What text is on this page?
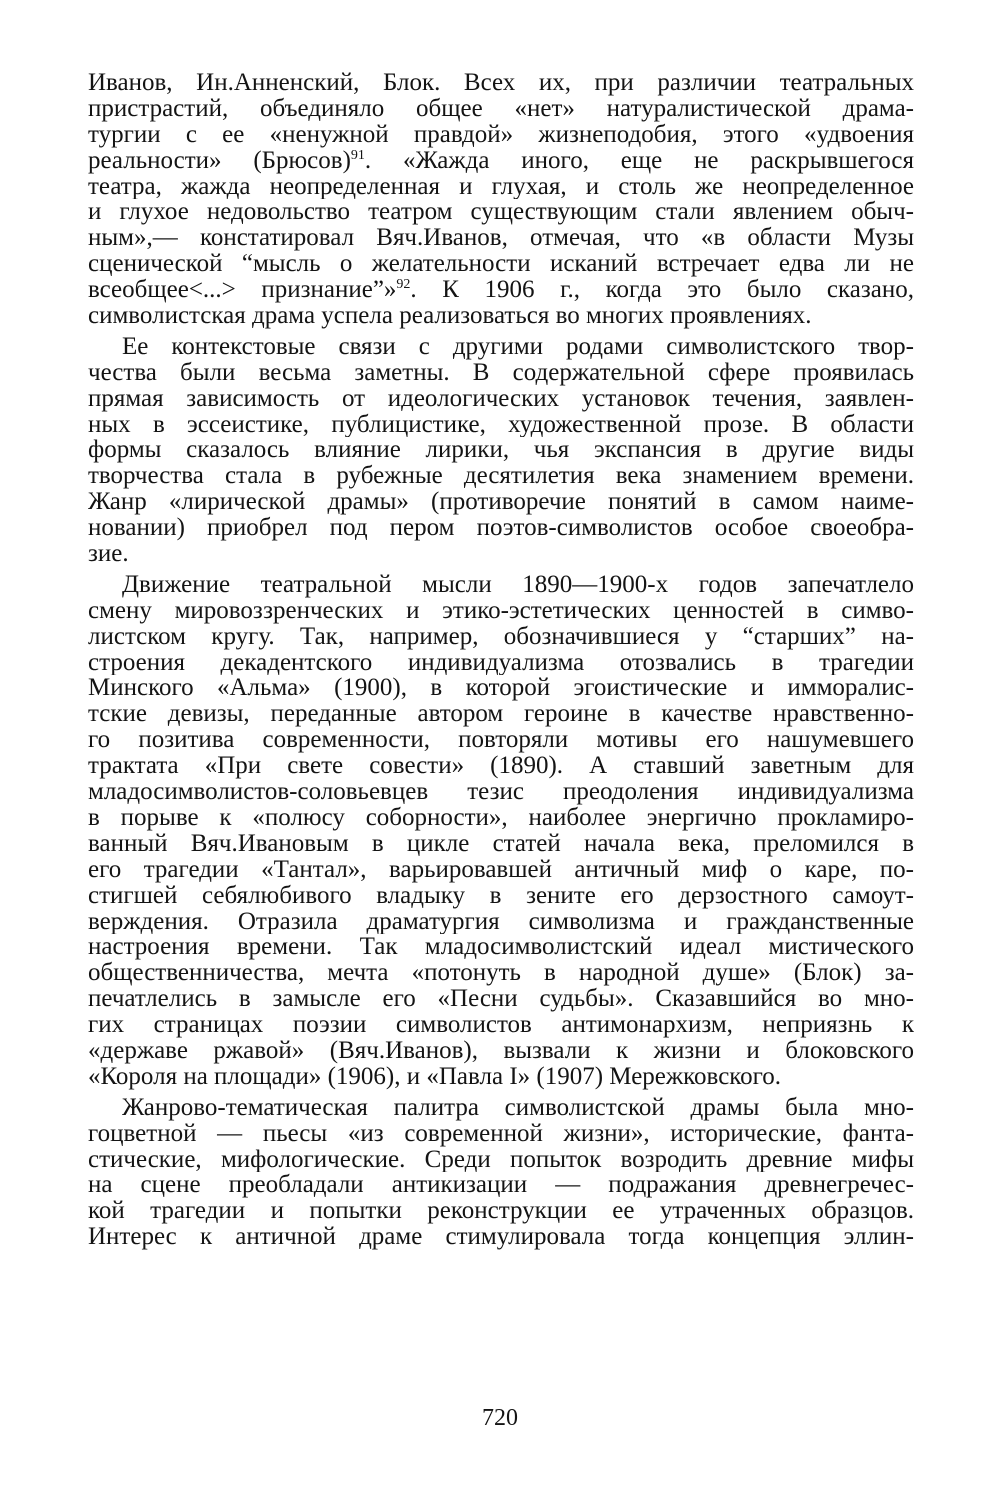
Иванов, Ин.Анненский, Блок. Всех их, при различии театральных
пристрастий, объединяло общее «нет» натуралистической драма-
тургии с ее «ненужной правдой» жизнеподобия, этого «удвоения
реальности» (Брюсов)$^{91}$. «Жажда иного, еще не раскрывшегося
театра, жажда неопределенная и глухая, и столь же неопределенное
и глухое недовольство театром существующим стали явлением обыч-
ным»,— констатировал Вяч.Иванов, отмечая, что «в области Музы
сценической “мысль о желательности исканий встречает едва ли не
всеобщее<...> признание”»$^{92}$. К 1906 г., когда это было сказано,
символистская драма успела реализоваться во многих проявлениях.
Ее контекстовые связи с другими родами символистского твор-
чества были весьма заметны. В содержательной сфере проявилась
прямая зависимость от идеологических установок течения, заявлен-
ных в эссеистике, публицистике, художественной прозе. В области
формы сказалось влияние лирики, чья экспансия в другие виды
творчества стала в рубежные десятилетия века знамением времени.
Жанр «лирической драмы» (противоречие понятий в самом наиме-
новании) приобрел под пером поэтов-символистов особое своеобра-
зие.
Движение театральной мысли 1890—1900-х годов запечатлело
смену мировоззренческих и этико-эстетических ценностей в симво-
листском кругу. Так, например, обозначившиеся у “старших” на-
строения декадентского индивидуализма отозвались в трагедии
Минского «Альма» (1900), в которой эгоистические и имморалис-
тские девизы, переданные автором героине в качестве нравственно-
го позитива современности, повторяли мотивы его нашумевшего
трактата «При свете совести» (1890). А ставший заветным для
младосимволистов-соловьевцев тезис преодоления индивидуализма
в порыве к «полюсу соборности», наиболее энергично прокламиро-
ванный Вяч.Ивановым в цикле статей начала века, преломился в
его трагедии «Тантал», варьировавшей античный миф о каре, по-
стигшей себялюбивого владыку в зените его дерзостного самоут-
верждения. Отразила драматургия символизма и гражданственные
настроения времени. Так младосимволистский идеал мистического
общественничества, мечта «потонуть в народной душе» (Блок) за-
печатлелись в замысле его «Песни судьбы». Сказавшийся во мно-
гих страницах поэзии символистов антимонархизм, неприязнь к
«державе ржавой» (Вяч.Иванов), вызвали к жизни и блоковского
«Короля на площади» (1906), и «Павла I» (1907) Мережковского.
Жанрово-тематическая палитра символистской драмы была мно-
гоцветной — пьесы «из современной жизни», исторические, фанта-
стические, мифологические. Среди попыток возродить древние мифы
на сцене преобладали антикизации — подражания древнегречес-
кой трагедии и попытки реконструкции ее утраченных образцов.
Интерес к античной драме стимулировала тогда концепция эллин-
720
